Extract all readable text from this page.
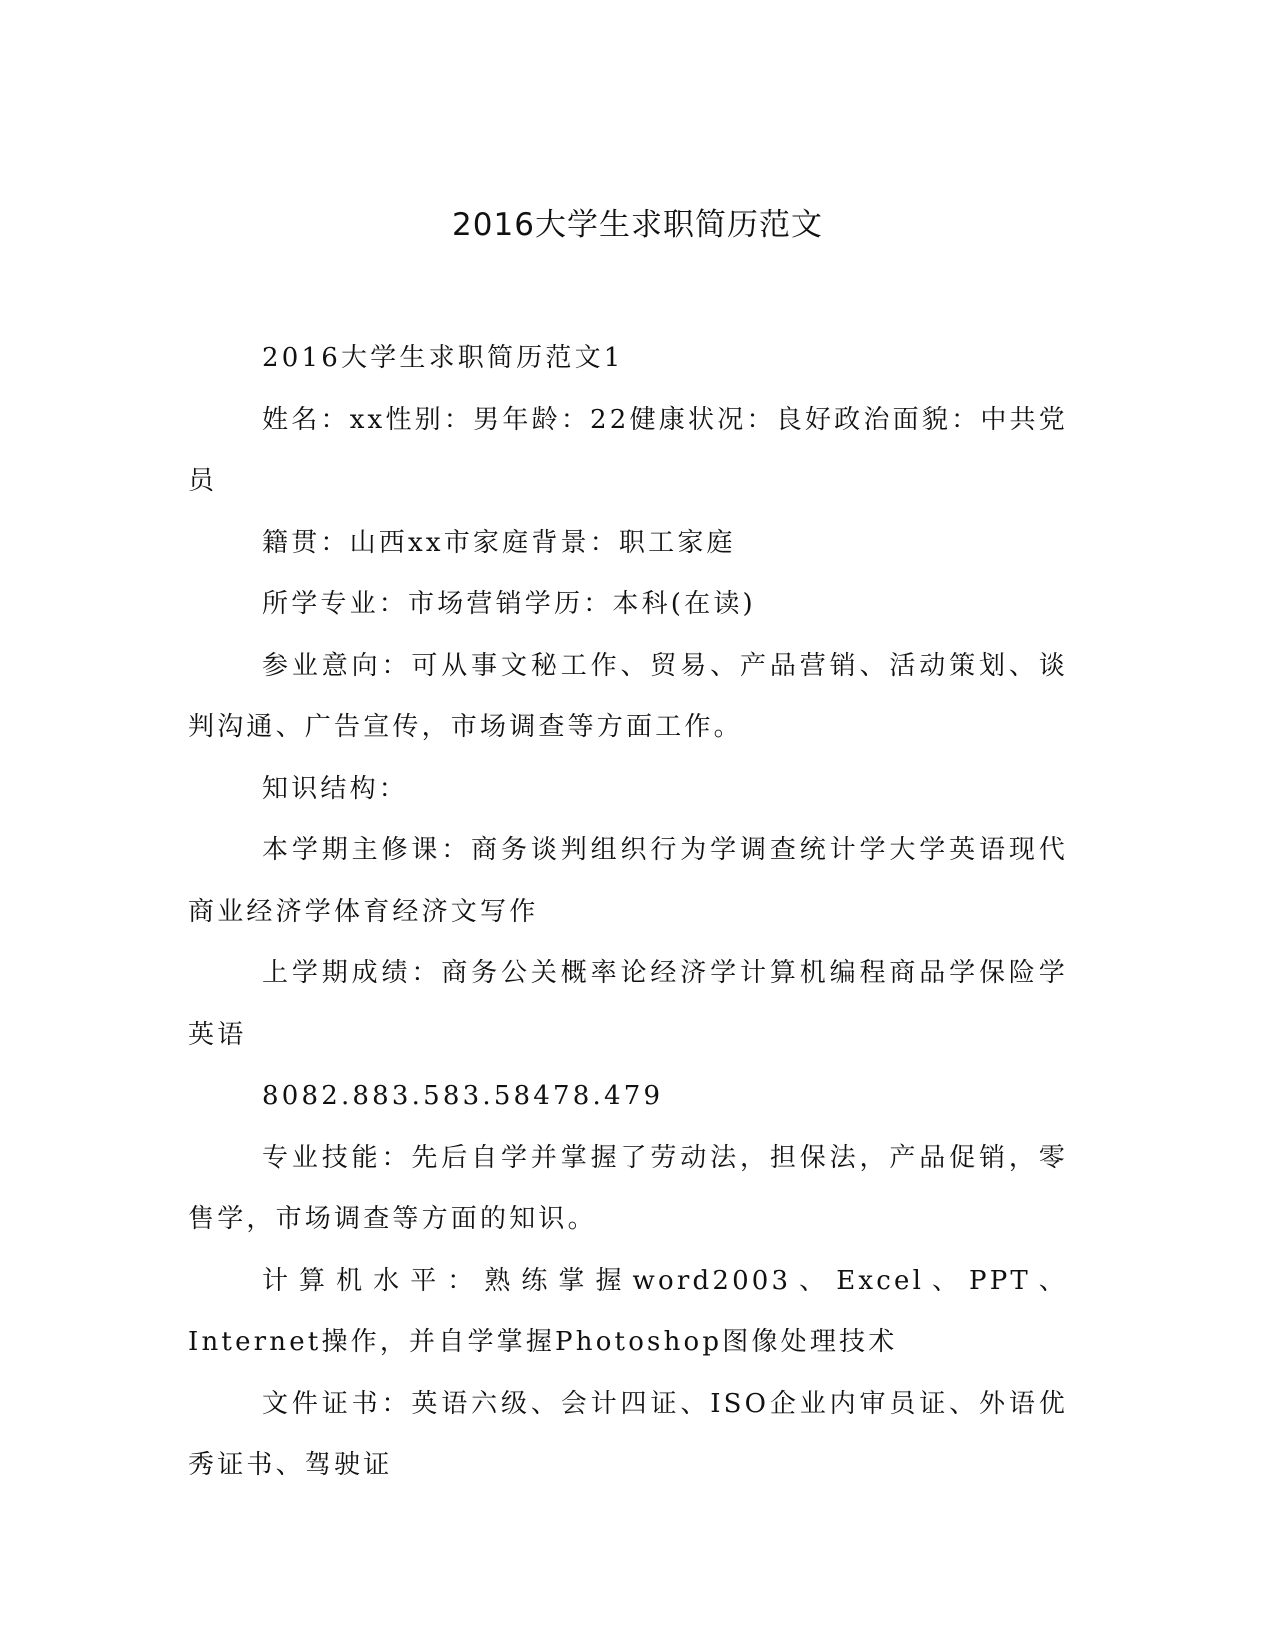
2016大学生求职简历范文

2016大学生求职简历范文1

姓名：xx性别：男年龄：22健康状况：良好政治面貌：中共党员

籍贯：山西xx市家庭背景：职工家庭

所学专业：市场营销学历：本科(在读)

参业意向：可从事文秘工作、贸易、产品营销、活动策划、谈判沟通、广告宣传，市场调查等方面工作。

知识结构：

本学期主修课：商务谈判组织行为学调查统计学大学英语现代商业经济学体育经济文写作

上学期成绩：商务公关概率论经济学计算机编程商品学保险学英语

8082.883.583.58478.479

专业技能：先后自学并掌握了劳动法，担保法，产品促销，零售学，市场调查等方面的知识。

计算机水平：熟练掌握word2003、Excel、PPT、Internet操作，并自学掌握Photoshop图像处理技术

文件证书：英语六级、会计四证、ISO企业内审员证、外语优秀证书、驾驶证
